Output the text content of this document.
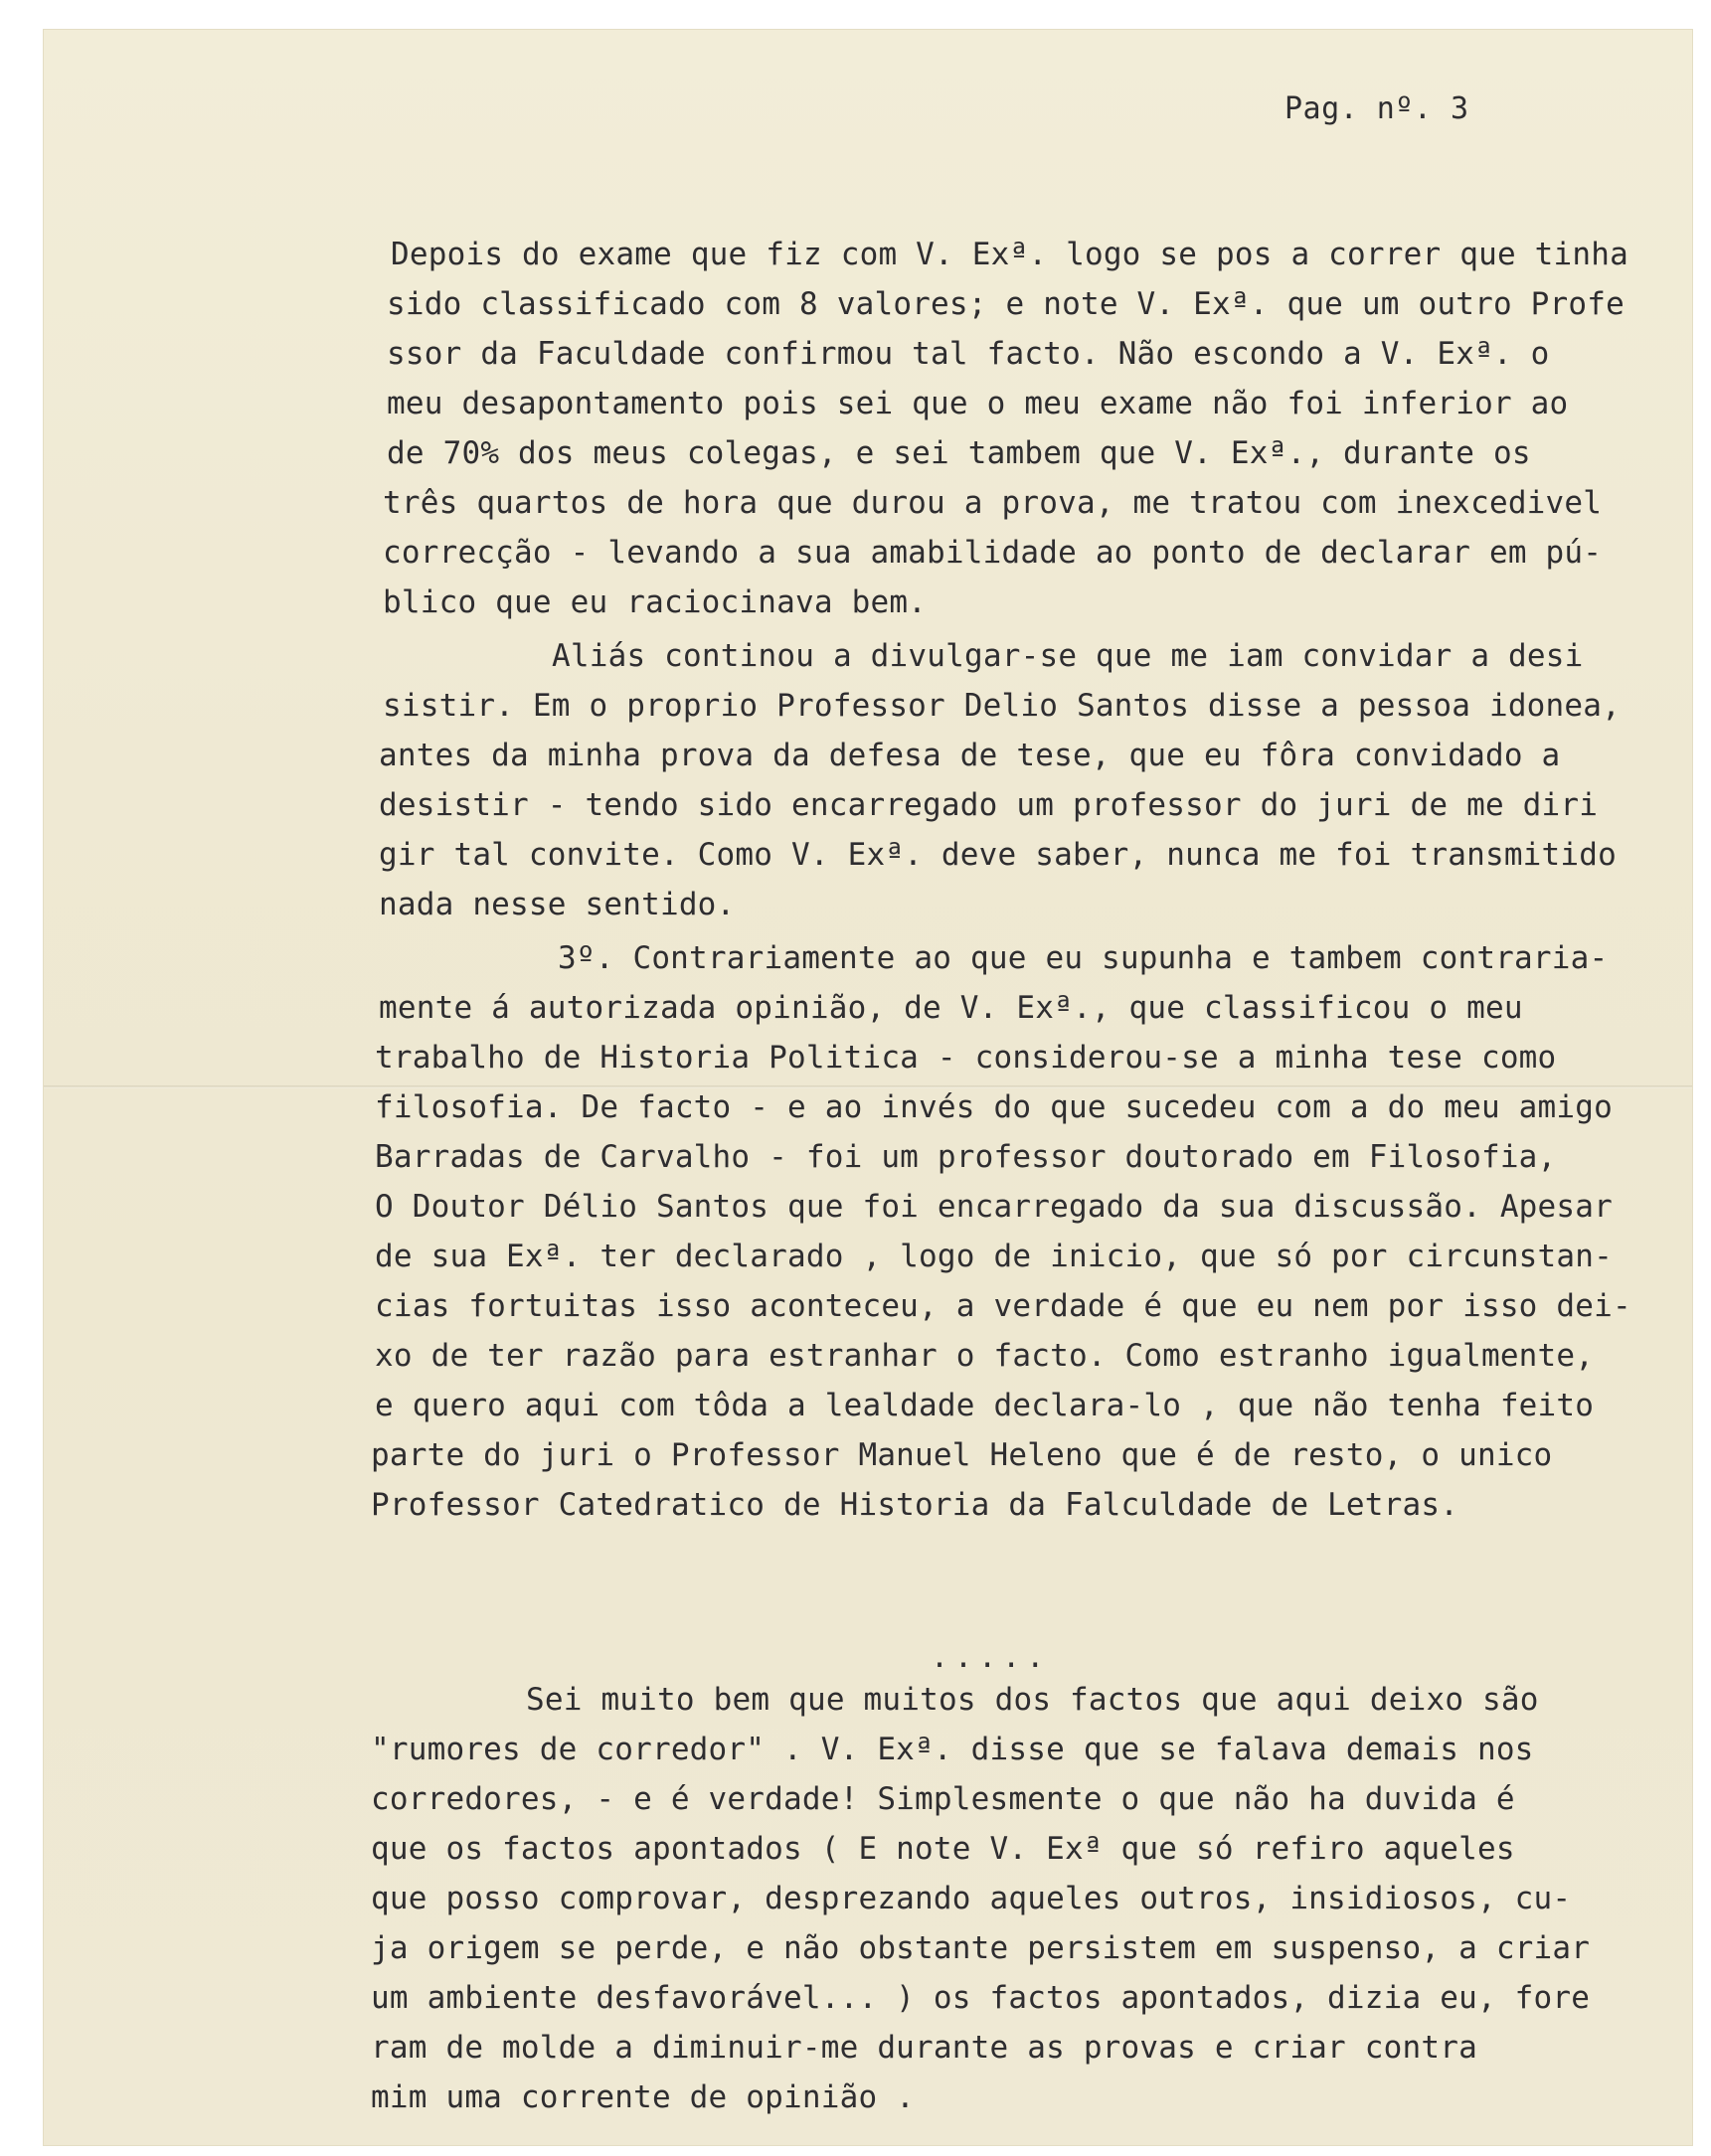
Pag. nº. 3
Depois do exame que fiz com V. Exª. logo se pos a correr que tinha
sido classificado com 8 valores; e note V. Exª. que um outro Profe
ssor da Faculdade confirmou tal facto. Não escondo a V. Exª. o
meu desapontamento pois sei que o meu exame não foi inferior ao
de 70% dos meus colegas, e sei tambem que V. Exª., durante os
três quartos de hora que durou a prova, me tratou com inexcedivel
correcção - levando a sua amabilidade ao ponto de declarar em pú-
blico que eu raciocinava bem.
Aliás continou a divulgar-se que me iam convidar a desi
sistir. Em o proprio Professor Delio Santos disse a pessoa idonea,
antes da minha prova da defesa de tese, que eu fôra convidado a
desistir - tendo sido encarregado um professor do juri de me diri
gir tal convite. Como V. Exª. deve saber, nunca me foi transmitido
nada nesse sentido.
3º. Contrariamente ao que eu supunha e tambem contraria-
mente á autorizada opinião, de V. Exª., que classificou o meu
trabalho de Historia Politica - considerou-se a minha tese como
filosofia. De facto - e ao invés do que sucedeu com a do meu amigo
Barradas de Carvalho - foi um professor doutorado em Filosofia,
O Doutor Délio Santos que foi encarregado da sua discussão. Apesar
de sua Exª. ter declarado , logo de inicio, que só por circunstan-
cias fortuitas isso aconteceu, a verdade é que eu nem por isso dei-
xo de ter razão para estranhar o facto. Como estranho igualmente,
e quero aqui com tôda a lealdade declara-lo , que não tenha feito
parte do juri o Professor Manuel Heleno que é de resto, o unico
Professor Catedratico de Historia da Falculdade de Letras.
.....
Sei muito bem que muitos dos factos que aqui deixo são
"rumores de corredor" . V. Exª. disse que se falava demais nos
corredores, - e é verdade! Simplesmente o que não ha duvida é
que os factos apontados ( E note V. Exª que só refiro aqueles
que posso comprovar, desprezando aqueles outros, insidiosos, cu-
ja origem se perde, e não obstante persistem em suspenso, a criar
um ambiente desfavorável... ) os factos apontados, dizia eu, fore
ram de molde a diminuir-me durante as provas e criar contra
mim uma corrente de opinião .
